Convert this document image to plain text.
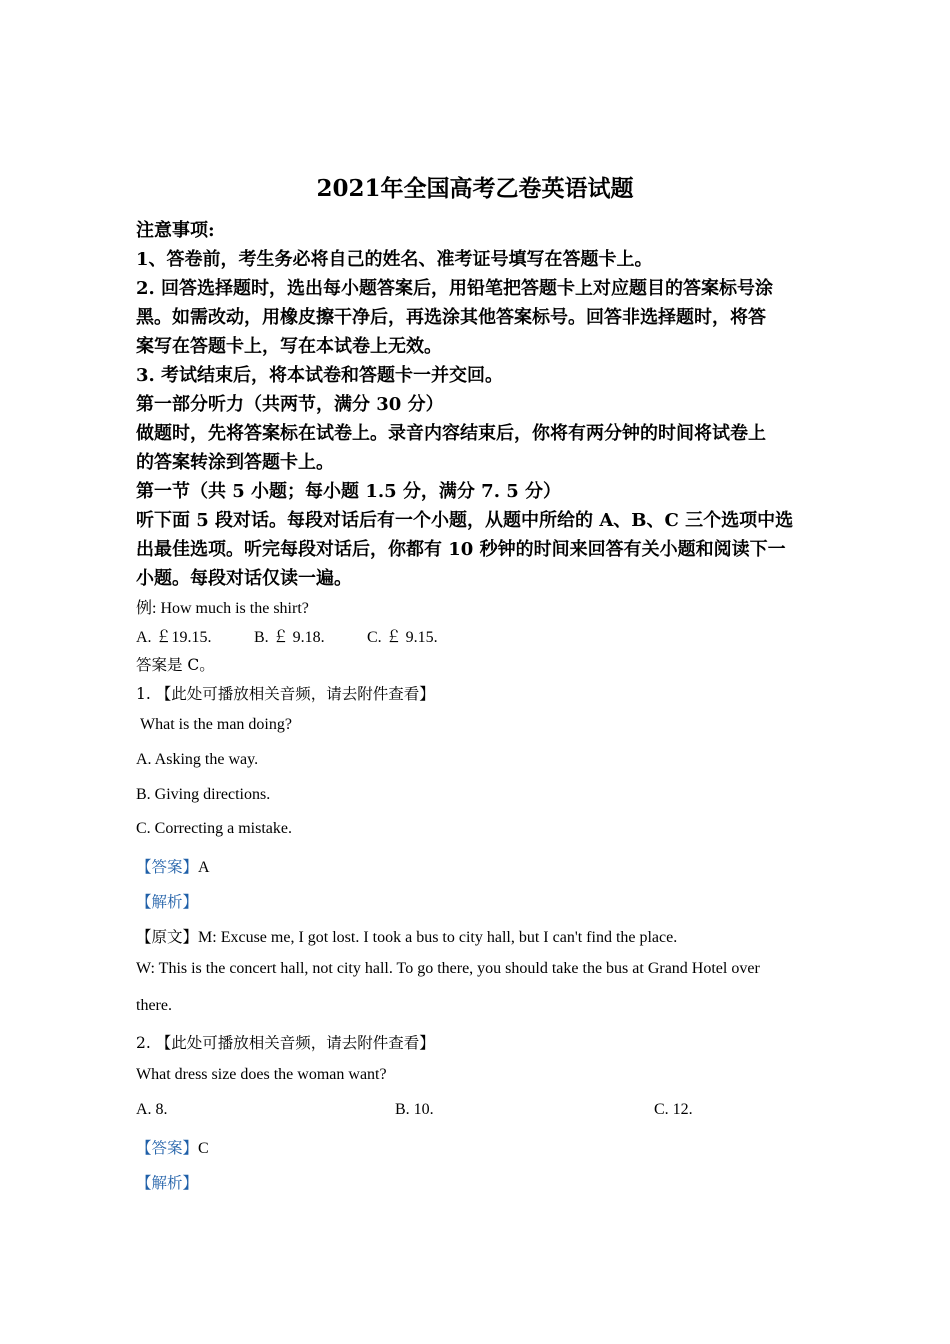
2021年全国高考乙卷英语试题
注意事项:
1、答卷前，考生务必将自己的姓名、准考证号填写在答题卡上。
2. 回答选择题时，选出每小题答案后，用铅笔把答题卡上对应题目的答案标号涂
黑。如需改动，用橡皮擦干净后，再选涂其他答案标号。回答非选择题时，将答
案写在答题卡上，写在本试卷上无效。
3. 考试结束后，将本试卷和答题卡一并交回。
第一部分听力（共两节，满分 30 分）
做题时，先将答案标在试卷上。录音内容结束后，你将有两分钟的时间将试卷上
的答案转涂到答题卡上。
第一节（共 5 小题；每小题 1.5 分，满分 7. 5 分）
听下面 5 段对话。每段对话后有一个小题，从题中所给的 A、B、C 三个选项中选
出最佳选项。听完每段对话后，你都有 10 秒钟的时间来回答有关小题和阅读下一
小题。每段对话仅读一遍。
例: How much is the shirt?
A. ￡19.15.	B. ￡ 9.18.	C. ￡ 9.15.
答案是 C。
1. 【此处可播放相关音频，请去附件查看】
What is the man doing?
A. Asking the way.
B. Giving directions.
C. Correcting a mistake.
【答案】A
【解析】
【原文】M: Excuse me, I got lost. I took a bus to city hall, but I can't find the place.
W: This is the concert hall, not city hall. To go there, you should take the bus at Grand Hotel over
there.
2. 【此处可播放相关音频，请去附件查看】
What dress size does the woman want?
A. 8.	B. 10.	C. 12.
【答案】C
【解析】
